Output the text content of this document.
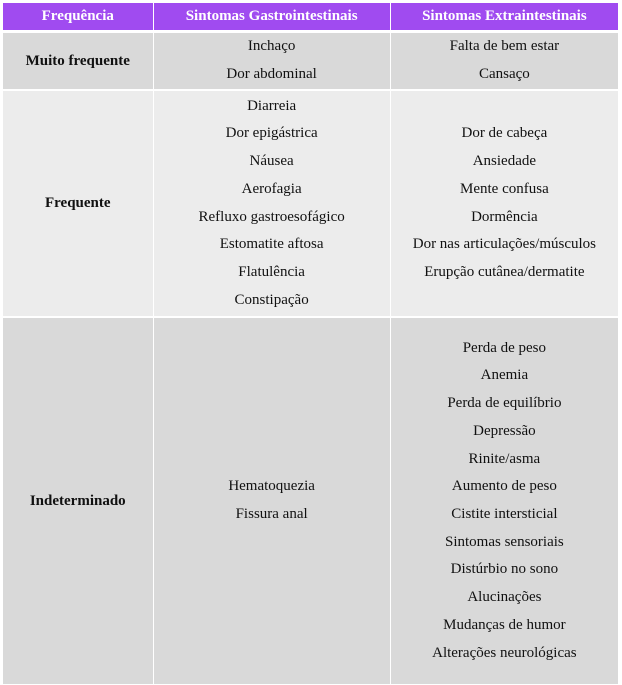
Frequência	Sintomas Gastrointestinais	Sintomas Extraintestinais
Muito frequente
Inchaço
Dor abdominal
Falta de bem estar
Cansaço
Frequente
Diarreia
Dor epigástrica
Náusea
Aerofagia
Refluxo gastroesofágico
Estomatite aftosa
Flatulência
Constipação
Dor de cabeça
Ansiedade
Mente confusa
Dormência
Dor nas articulações/músculos
Erupção cutânea/dermatite
Indeterminado
Hematoquezia
Fissura anal
Perda de peso
Anemia
Perda de equilíbrio
Depressão
Rinite/asma
Aumento de peso
Cistite intersticial
Sintomas sensoriais
Distúrbio no sono
Alucinações
Mudanças de humor
Alterações neurológicas
